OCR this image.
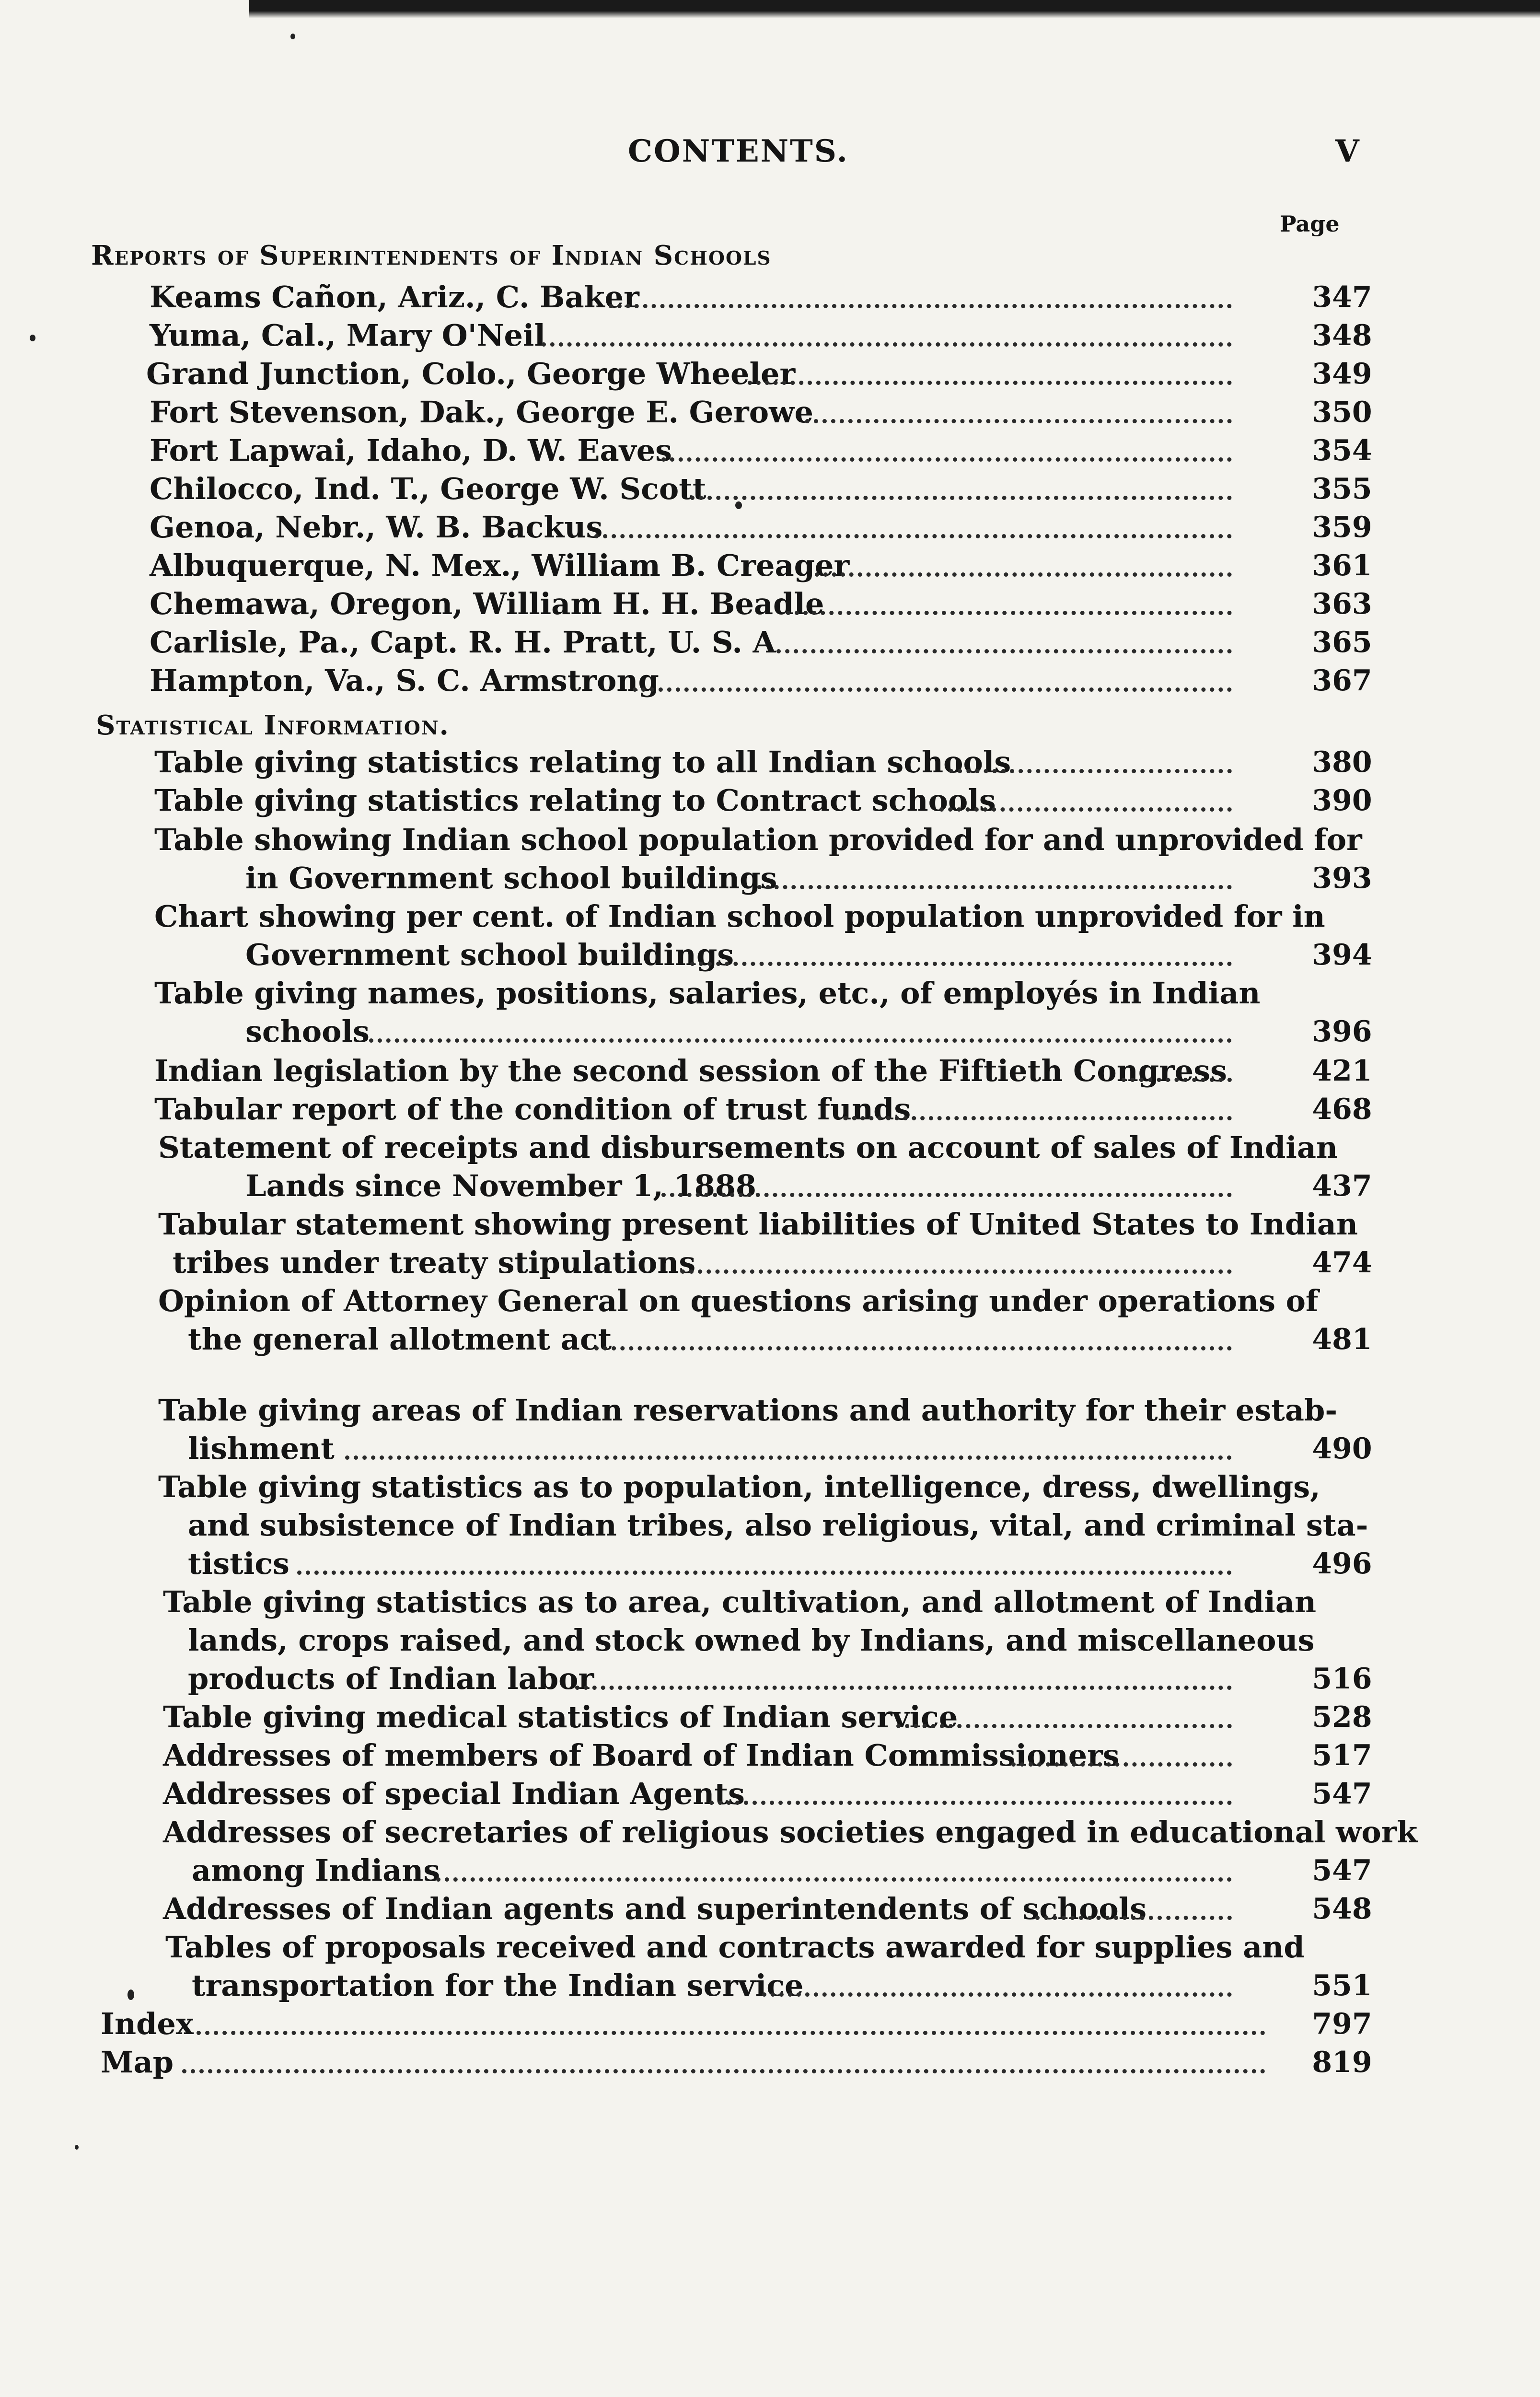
CONTENTS.	V
Page
Reports of Superintendents of Indian Schools
Keams Cañon, Ariz., C. Baker	347
Yuma, Cal., Mary O'Neil	348
Grand Junction, Colo., George Wheeler	349
Fort Stevenson, Dak., George E. Gerowe	350
Fort Lapwai, Idaho, D. W. Eaves	354
Chilocco, Ind. T., George W. Scott	355
Genoa, Nebr., W. B. Backus	359
Albuquerque, N. Mex., William B. Creager	361
Chemawa, Oregon, William H. H. Beadle	363
Carlisle, Pa., Capt. R. H. Pratt, U. S. A	365
Hampton, Va., S. C. Armstrong	367
Statistical Information.
Table giving statistics relating to all Indian schools	380
Table giving statistics relating to Contract schools	390
Table showing Indian school population provided for and unprovided for
in Government school buildings	393
Chart showing per cent. of Indian school population unprovided for in
Government school buildings	394
Table giving names, positions, salaries, etc., of employés in Indian
schools	396
Indian legislation by the second session of the Fiftieth Congress	421
Tabular report of the condition of trust funds	468
Statement of receipts and disbursements on account of sales of Indian
Lands since November 1, 1888	437
Tabular statement showing present liabilities of United States to Indian
tribes under treaty stipulations	474
Opinion of Attorney General on questions arising under operations of
the general allotment act	481
Table giving areas of Indian reservations and authority for their estab-
lishment	490
Table giving statistics as to population, intelligence, dress, dwellings,
and subsistence of Indian tribes, also religious, vital, and criminal sta-
tistics	496
Table giving statistics as to area, cultivation, and allotment of Indian
lands, crops raised, and stock owned by Indians, and miscellaneous
products of Indian labor	516
Table giving medical statistics of Indian service	528
Addresses of members of Board of Indian Commissioners	517
Addresses of special Indian Agents	547
Addresses of secretaries of religious societies engaged in educational work
among Indians	547
Addresses of Indian agents and superintendents of schools	548
Tables of proposals received and contracts awarded for supplies and
transportation for the Indian service	551
Index	797
Map	819
